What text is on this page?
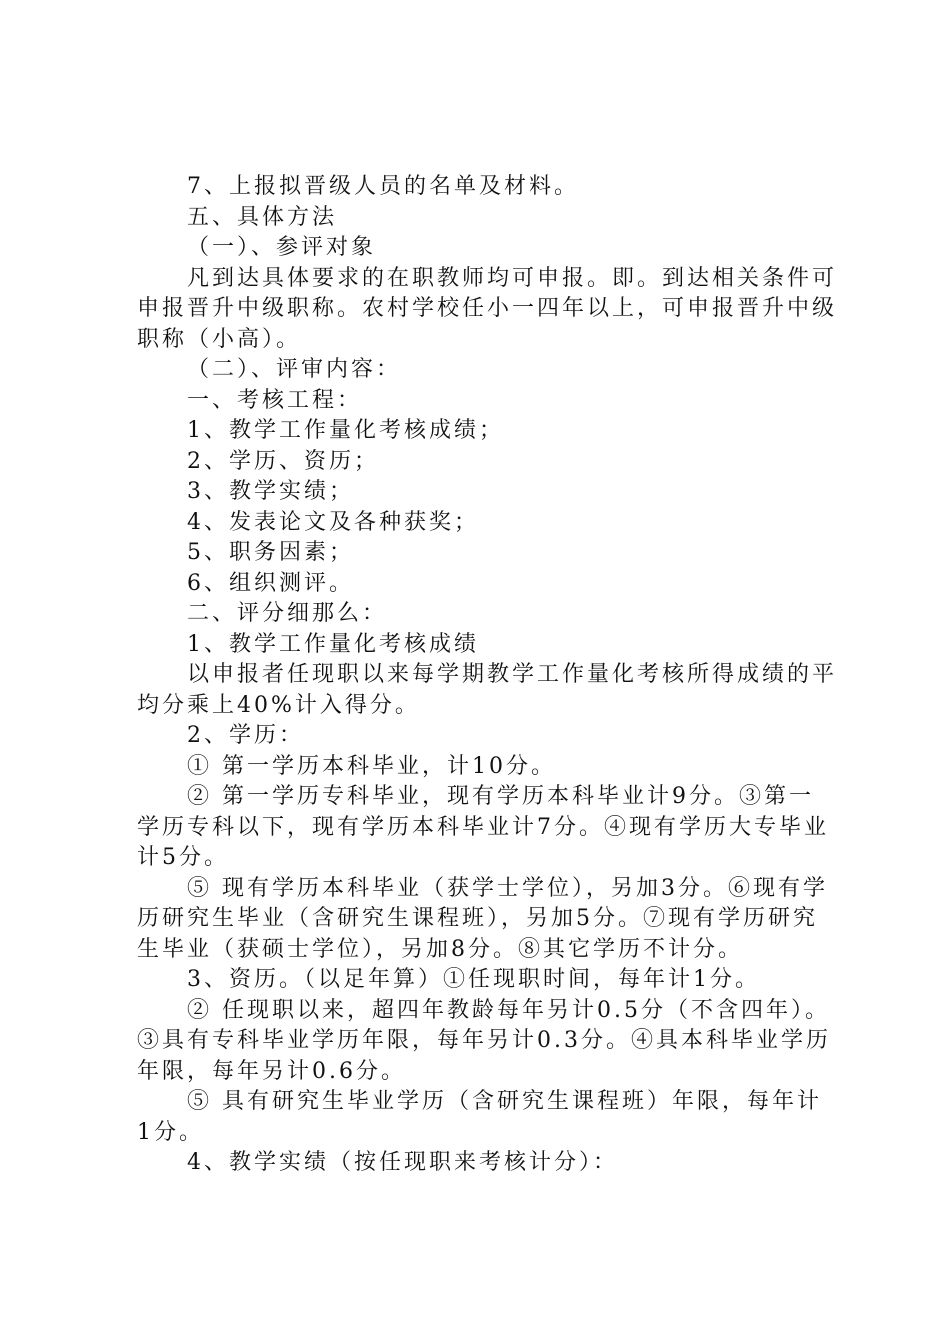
7、上报拟晋级人员的名单及材料。

五、具体方法

（一）、参评对象

凡到达具体要求的在职教师均可申报。即。到达相关条件可申报晋升中级职称。农村学校任小一四年以上，可申报晋升中级职称（小高）。

（二）、评审内容：

一、考核工程：

1、教学工作量化考核成绩；

2、学历、资历；

3、教学实绩；

4、发表论文及各种获奖；

5、职务因素；

6、组织测评。

二、评分细那么：

1、教学工作量化考核成绩

以申报者任现职以来每学期教学工作量化考核所得成绩的平均分乘上40%计入得分。

2、学历：

① 第一学历本科毕业，计10分。

② 第一学历专科毕业，现有学历本科毕业计9分。③第一学历专科以下，现有学历本科毕业计7分。④现有学历大专毕业计5分。

⑤ 现有学历本科毕业（获学士学位），另加3分。⑥现有学历研究生毕业（含研究生课程班），另加5分。⑦现有学历研究生毕业（获硕士学位），另加8分。⑧其它学历不计分。

3、资历。（以足年算）①任现职时间，每年计1分。

② 任现职以来，超四年教龄每年另计0.5分（不含四年）。③具有专科毕业学历年限，每年另计0.3分。④具本科毕业学历年限，每年另计0.6分。

⑤ 具有研究生毕业学历（含研究生课程班）年限，每年计1分。

4、教学实绩（按任现职来考核计分）：
